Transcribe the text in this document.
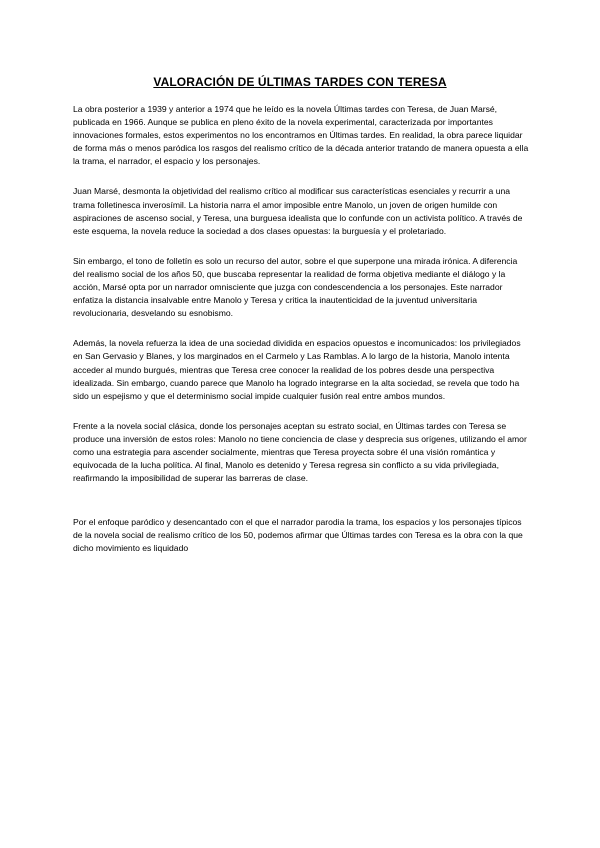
VALORACIÓN DE ÚLTIMAS TARDES CON TERESA

La obra posterior a 1939 y anterior a 1974 que he leído es la novela Últimas tardes con Teresa, de Juan Marsé, publicada en 1966. Aunque se publica en pleno éxito de la novela experimental, caracterizada por importantes innovaciones formales, estos experimentos no los encontramos en Últimas tardes. En realidad, la obra parece liquidar de forma más o menos paródica los rasgos del realismo crítico de la década anterior tratando de manera opuesta a ella la trama, el narrador, el espacio y los personajes.

Juan Marsé, desmonta la objetividad del realismo crítico al modificar sus características esenciales y recurrir a una trama folletinesca inverosímil. La historia narra el amor imposible entre Manolo, un joven de origen humilde con aspiraciones de ascenso social, y Teresa, una burguesa idealista que lo confunde con un activista político. A través de este esquema, la novela reduce la sociedad a dos clases opuestas: la burguesía y el proletariado.

Sin embargo, el tono de folletín es solo un recurso del autor, sobre el que superpone una mirada irónica. A diferencia del realismo social de los años 50, que buscaba representar la realidad de forma objetiva mediante el diálogo y la acción, Marsé opta por un narrador omnisciente que juzga con condescendencia a los personajes. Este narrador enfatiza la distancia insalvable entre Manolo y Teresa y critica la inautenticidad de la juventud universitaria revolucionaria, desvelando su esnobismo.

Además, la novela refuerza la idea de una sociedad dividida en espacios opuestos e incomunicados: los privilegiados en San Gervasio y Blanes, y los marginados en el Carmelo y Las Ramblas. A lo largo de la historia, Manolo intenta acceder al mundo burgués, mientras que Teresa cree conocer la realidad de los pobres desde una perspectiva idealizada. Sin embargo, cuando parece que Manolo ha logrado integrarse en la alta sociedad, se revela que todo ha sido un espejismo y que el determinismo social impide cualquier fusión real entre ambos mundos.

Frente a la novela social clásica, donde los personajes aceptan su estrato social, en Últimas tardes con Teresa se produce una inversión de estos roles: Manolo no tiene conciencia de clase y desprecia sus orígenes, utilizando el amor como una estrategia para ascender socialmente, mientras que Teresa proyecta sobre él una visión romántica y equivocada de la lucha política. Al final, Manolo es detenido y Teresa regresa sin conflicto a su vida privilegiada, reafirmando la imposibilidad de superar las barreras de clase.

Por el enfoque paródico y desencantado con el que el narrador parodia la trama, los espacios y los personajes típicos de la novela social de realismo crítico de los 50, podemos afirmar que Últimas tardes con Teresa es la obra con la que dicho movimiento es liquidado
